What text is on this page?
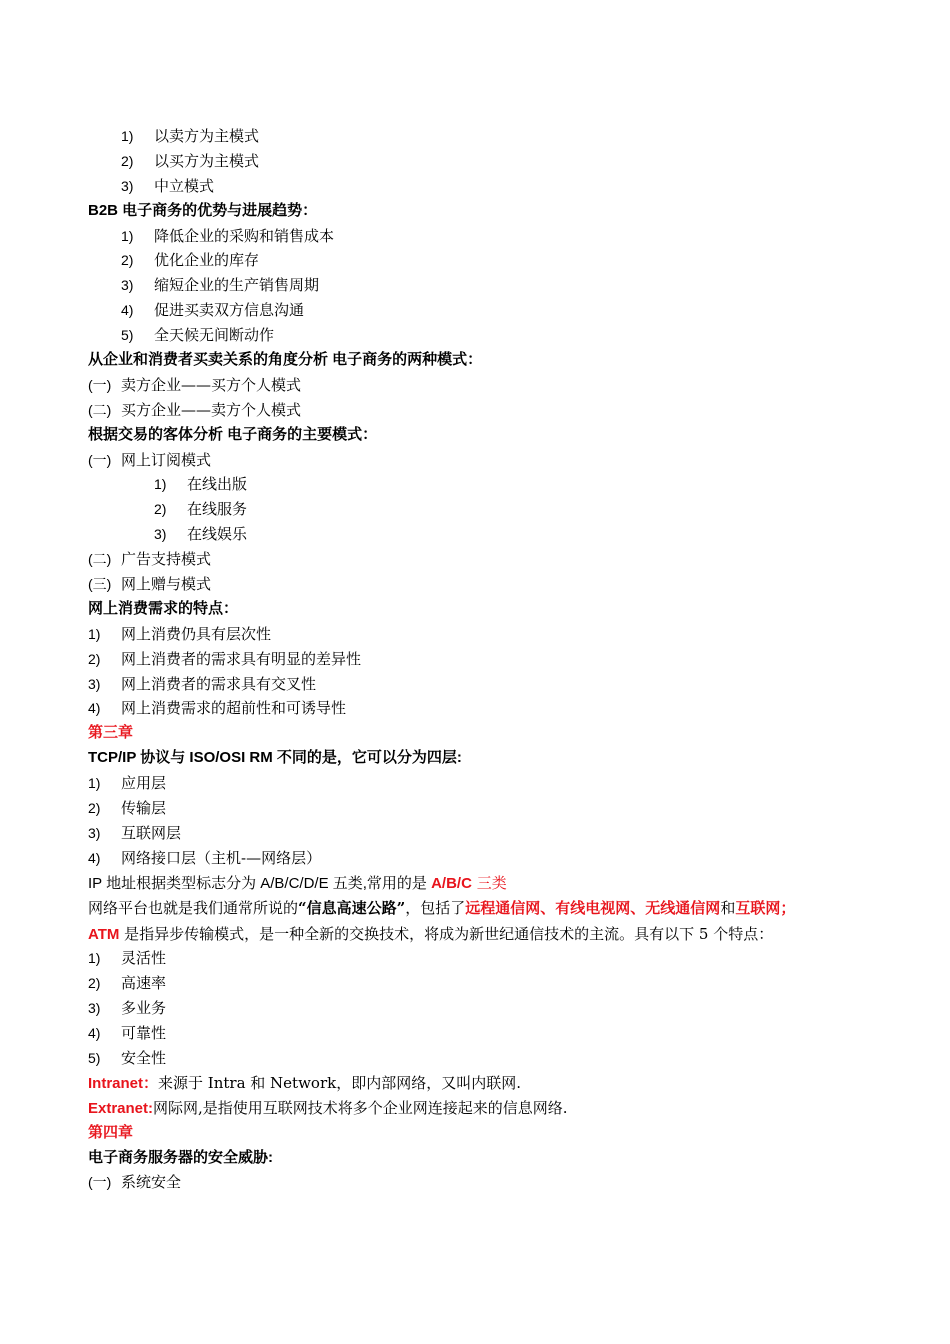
1) 以卖方为主模式
2) 以买方为主模式
3) 中立模式
B2B 电子商务的优势与进展趋势：
1) 降低企业的采购和销售成本
2) 优化企业的库存
3) 缩短企业的生产销售周期
4) 促进买卖双方信息沟通
5) 全天候无间断动作
从企业和消费者买卖关系的角度分析 电子商务的两种模式：
(一) 卖方企业——买方个人模式
(二) 买方企业——卖方个人模式
根据交易的客体分析 电子商务的主要模式：
(一) 网上订阅模式
1) 在线出版
2) 在线服务
3) 在线娱乐
(二) 广告支持模式
(三) 网上赠与模式
网上消费需求的特点：
1) 网上消费仍具有层次性
2) 网上消费者的需求具有明显的差异性
3) 网上消费者的需求具有交叉性
4) 网上消费需求的超前性和可诱导性
第三章
TCP/IP 协议与 ISO/OSI RM 不同的是，它可以分为四层:
1) 应用层
2) 传输层
3) 互联网层
4) 网络接口层（主机-—网络层）
IP 地址根据类型标志分为 A/B/C/D/E 五类,常用的是 A/B/C 三类
网络平台也就是我们通常所说的“信息高速公路”，包括了远程通信网、有线电视网、无线通信网和互联网；
ATM 是指异步传输模式，是一种全新的交换技术，将成为新世纪通信技术的主流。具有以下 5 个特点：
1) 灵活性
2) 高速率
3) 多业务
4) 可靠性
5) 安全性
Intranet：来源于 Intra 和 Network，即内部网络，又叫内联网.
Extranet:网际网,是指使用互联网技术将多个企业网连接起来的信息网络.
第四章
电子商务服务器的安全威胁:
(一) 系统安全
